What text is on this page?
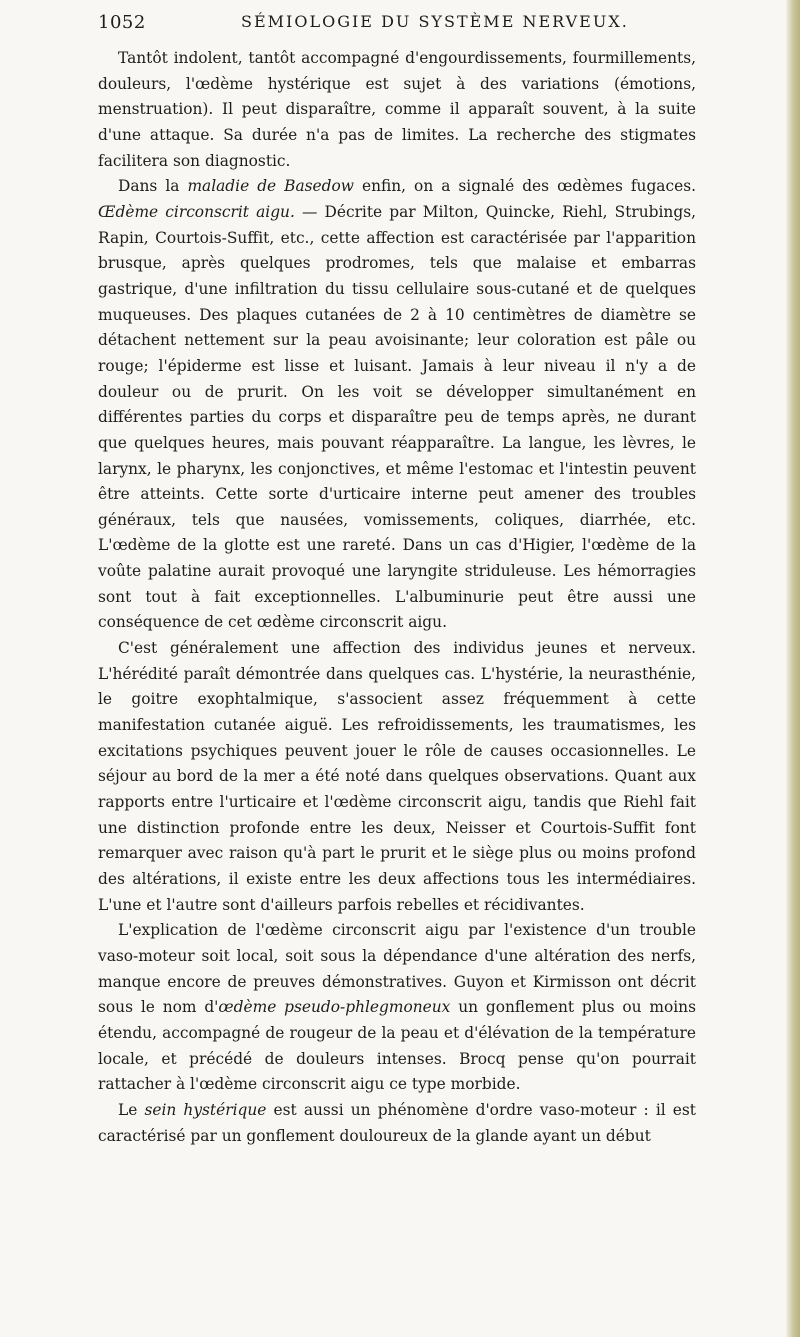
1052	SÉMIOLOGIE DU SYSTÈME NERVEUX.

Tantôt indolent, tantôt accompagné d'engourdissements, fourmillements, douleurs, l'œdème hystérique est sujet à des variations (émotions, menstruation). Il peut disparaître, comme il apparaît souvent, à la suite d'une attaque. Sa durée n'a pas de limites. La recherche des stigmates facilitera son diagnostic.

Dans la maladie de Basedow enfin, on a signalé des œdèmes fugaces. Œdème circonscrit aigu. — Décrite par Milton, Quincke, Riehl, Strubings, Rapin, Courtois-Suffit, etc., cette affection est caractérisée par l'apparition brusque, après quelques prodromes, tels que malaise et embarras gastrique, d'une infiltration du tissu cellulaire sous-cutané et de quelques muqueuses. Des plaques cutanées de 2 à 10 centimètres de diamètre se détachent nettement sur la peau avoisinante; leur coloration est pâle ou rouge; l'épiderme est lisse et luisant. Jamais à leur niveau il n'y a de douleur ou de prurit. On les voit se développer simultanément en différentes parties du corps et disparaître peu de temps après, ne durant que quelques heures, mais pouvant réapparaître. La langue, les lèvres, le larynx, le pharynx, les conjonctives, et même l'estomac et l'intestin peuvent être atteints. Cette sorte d'urticaire interne peut amener des troubles généraux, tels que nausées, vomissements, coliques, diarrhée, etc. L'œdème de la glotte est une rareté. Dans un cas d'Higier, l'œdème de la voûte palatine aurait provoqué une laryngite striduleuse. Les hémorragies sont tout à fait exceptionnelles. L'albuminurie peut être aussi une conséquence de cet œdème circonscrit aigu.

C'est généralement une affection des individus jeunes et nerveux. L'hérédité paraît démontrée dans quelques cas. L'hystérie, la neurasthénie, le goitre exophtalmique, s'associent assez fréquemment à cette manifestation cutanée aiguë. Les refroidissements, les traumatismes, les excitations psychiques peuvent jouer le rôle de causes occasionnelles. Le séjour au bord de la mer a été noté dans quelques observations. Quant aux rapports entre l'urticaire et l'œdème circonscrit aigu, tandis que Riehl fait une distinction profonde entre les deux, Neisser et Courtois-Suffit font remarquer avec raison qu'à part le prurit et le siège plus ou moins profond des altérations, il existe entre les deux affections tous les intermédiaires. L'une et l'autre sont d'ailleurs parfois rebelles et récidivantes.

L'explication de l'œdème circonscrit aigu par l'existence d'un trouble vaso-moteur soit local, soit sous la dépendance d'une altération des nerfs, manque encore de preuves démonstratives. Guyon et Kirmisson ont décrit sous le nom d'œdème pseudo-phlegmoneux un gonflement plus ou moins étendu, accompagné de rougeur de la peau et d'élévation de la température locale, et précédé de douleurs intenses. Brocq pense qu'on pourrait rattacher à l'œdème circonscrit aigu ce type morbide.

Le sein hystérique est aussi un phénomène d'ordre vaso-moteur : il est caractérisé par un gonflement douloureux de la glande ayant un début
